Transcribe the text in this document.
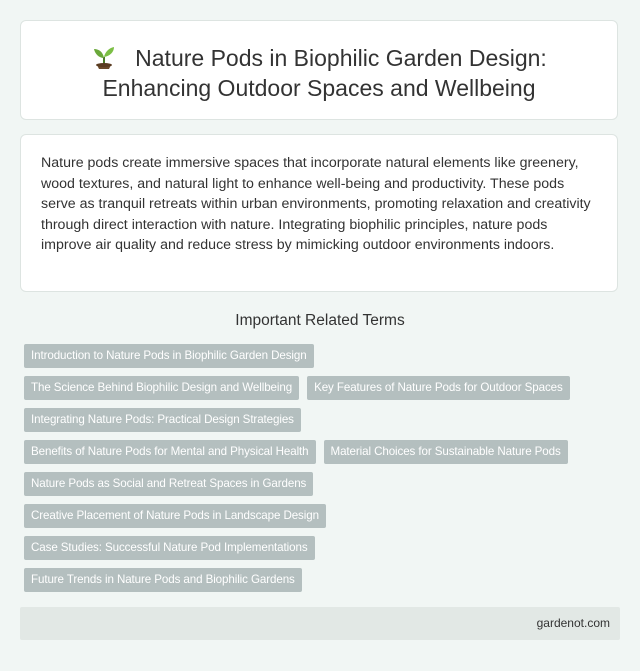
Nature Pods in Biophilic Garden Design:
Enhancing Outdoor Spaces and Wellbeing

Nature pods create immersive spaces that incorporate natural elements like greenery, wood textures, and natural light to enhance well-being and productivity. These pods serve as tranquil retreats within urban environments, promoting relaxation and creativity through direct interaction with nature. Integrating biophilic principles, nature pods improve air quality and reduce stress by mimicking outdoor environments indoors.

Important Related Terms
Introduction to Nature Pods in Biophilic Garden Design
The Science Behind Biophilic Design and Wellbeing	Key Features of Nature Pods for Outdoor Spaces
Integrating Nature Pods: Practical Design Strategies
Benefits of Nature Pods for Mental and Physical Health	Material Choices for Sustainable Nature Pods
Nature Pods as Social and Retreat Spaces in Gardens
Creative Placement of Nature Pods in Landscape Design
Case Studies: Successful Nature Pod Implementations
Future Trends in Nature Pods and Biophilic Gardens
gardenot.com
